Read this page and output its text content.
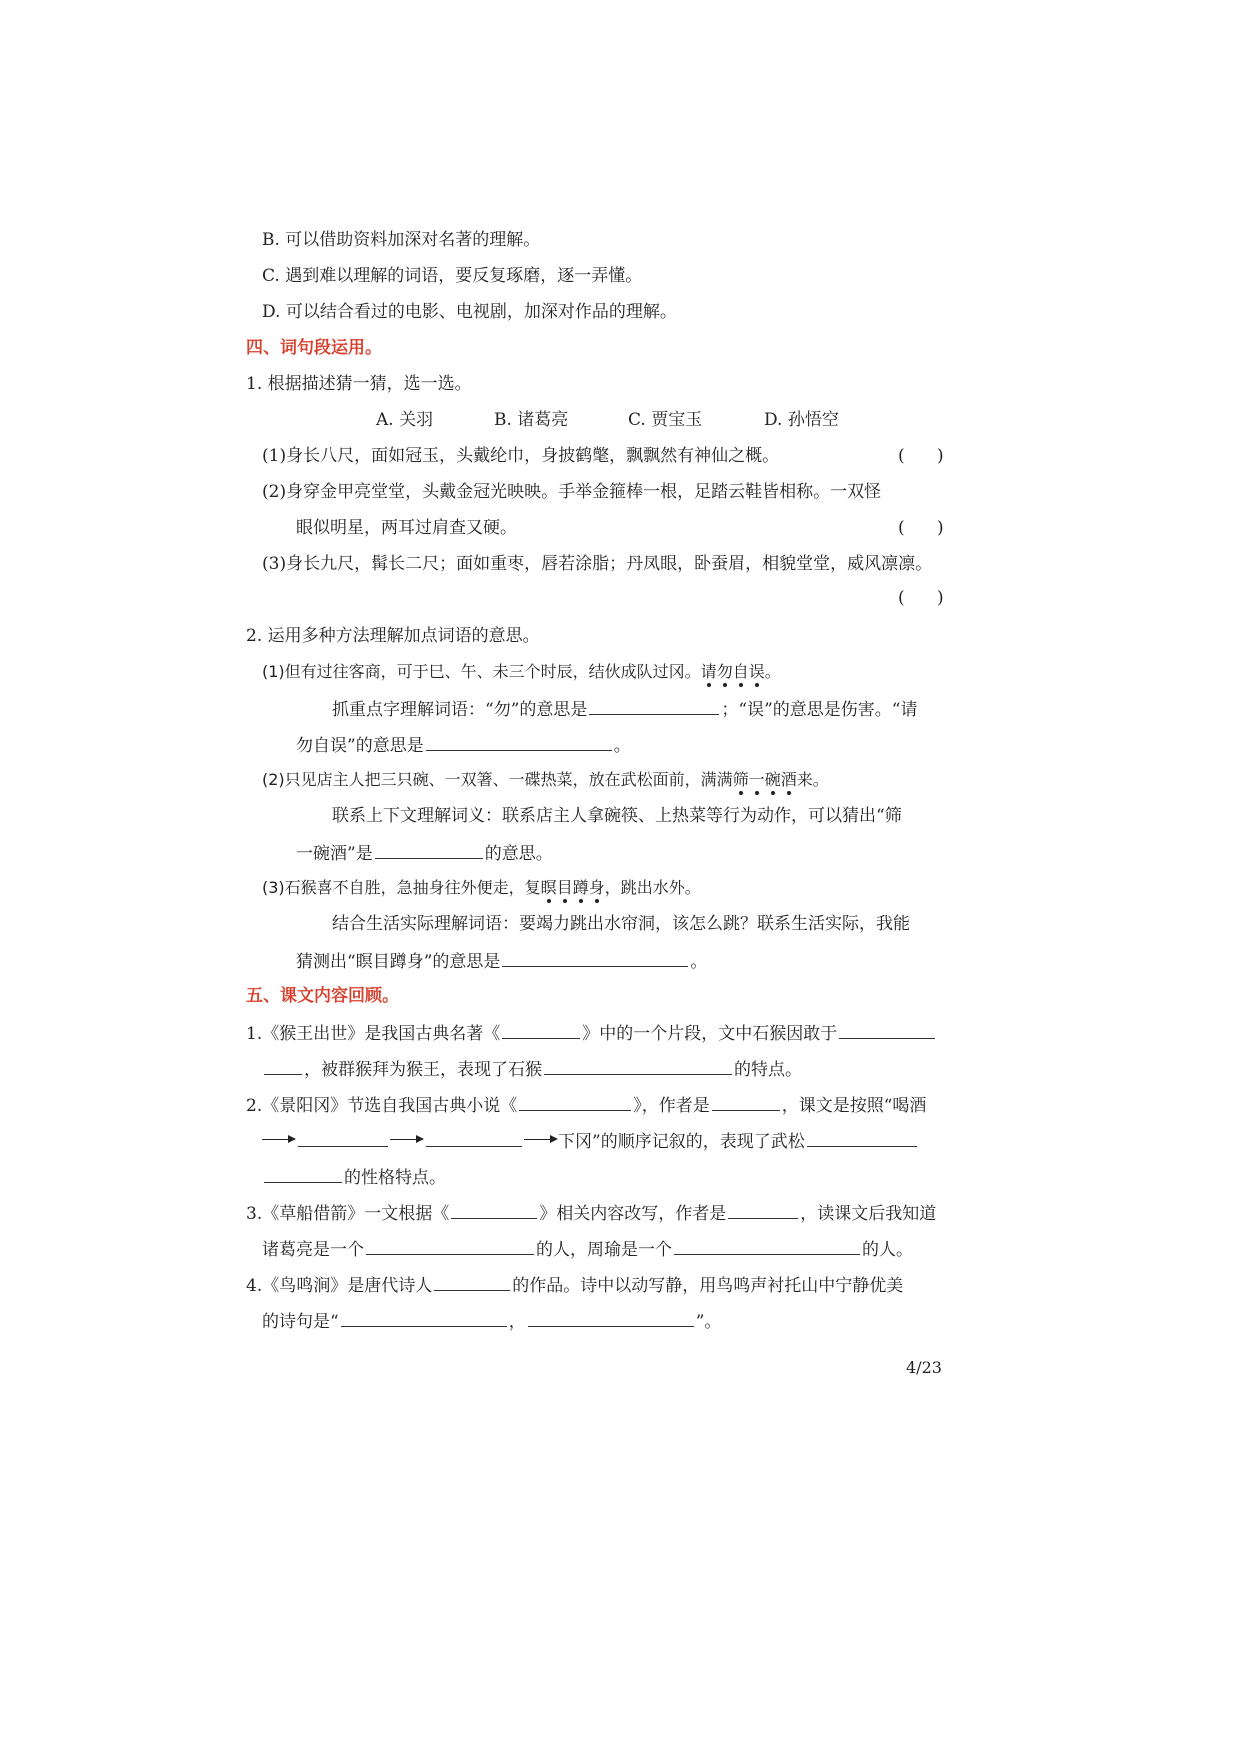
B. 可以借助资料加深对名著的理解。
C. 遇到难以理解的词语，要反复琢磨，逐一弄懂。
D. 可以结合看过的电影、电视剧，加深对作品的理解。
四、词句段运用。
1. 根据描述猜一猜，选一选。
A. 关羽	B. 诸葛亮	C. 贾宝玉	D. 孙悟空
(1)身长八尺，面如冠玉，头戴纶巾，身披鹤氅，飘飘然有神仙之概。	(      )
(2)身穿金甲亮堂堂，头戴金冠光映映。手举金箍棒一根，足踏云鞋皆相称。一双怪
眼似明星，两耳过肩查又硬。	(      )
(3)身长九尺，髯长二尺；面如重枣，唇若涂脂；丹凤眼，卧蚕眉，相貌堂堂，威风凛凛。
(      )
2. 运用多种方法理解加点词语的意思。
(1)但有过往客商，可于巳、午、未三个时辰，结伙成队过冈。请勿自误。
抓重点字理解词语：“勿”的意思是	；“误”的意思是伤害。“请
勿自误”的意思是	。
(2)只见店主人把三只碗、一双箸、一碟热菜，放在武松面前，满满筛一碗酒来。
联系上下文理解词义：联系店主人拿碗筷、上热菜等行为动作，可以猜出“筛
一碗酒”是	的意思。
(3)石猴喜不自胜，急抽身往外便走，复瞑目蹲身，跳出水外。
结合生活实际理解词语：要竭力跳出水帘洞，该怎么跳？联系生活实际，我能
猜测出“瞑目蹲身”的意思是	。
五、课文内容回顾。
1.《猴王出世》是我国古典名著《	》中的一个片段，文中石猴因敢于
，被群猴拜为猴王，表现了石猴	的特点。
2.《景阳冈》节选自我国古典小说《	》，作者是	，课文是按照“喝酒
下冈”的顺序记叙的，表现了武松
的性格特点。
3.《草船借箭》一文根据《	》相关内容改写，作者是	，读课文后我知道
诸葛亮是一个	的人，周瑜是一个	的人。
4.《鸟鸣涧》是唐代诗人	的作品。诗中以动写静，用鸟鸣声衬托山中宁静优美
的诗句是“	，	”。
4/23
